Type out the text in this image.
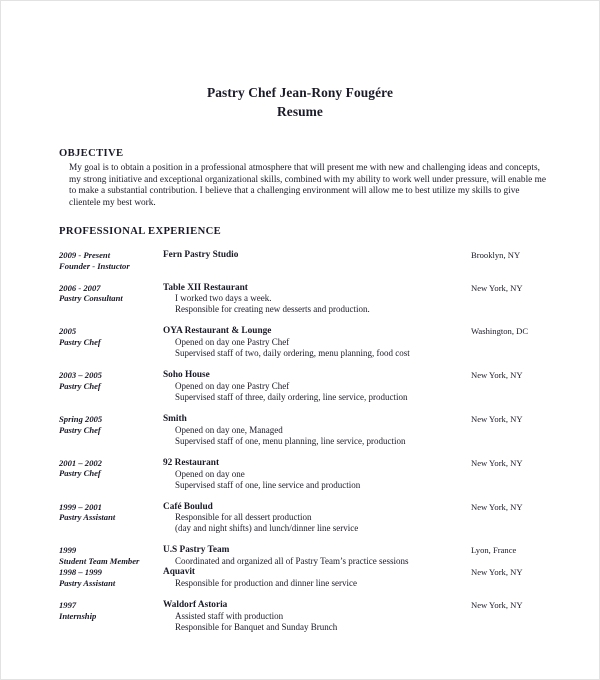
Pastry Chef Jean-Rony Fougére
Resume
OBJECTIVE

My goal is to obtain a position in a professional atmosphere that will present me with new and challenging ideas and concepts, my strong initiative and exceptional organizational skills, combined with my ability to work well under pressure, will enable me to make a substantial contribution. I believe that a challenging environment will allow me to best utilize my skills to give clientele my best work.

PROFESSIONAL EXPERIENCE
2009 - Present
Founder - Instuctor
Fern Pastry Studio	Brooklyn, NY
2006 - 2007
Pastry Consultant
Table XII Restaurant
I worked two days a week.
Responsible for creating new desserts and production.
New York, NY
2005
Pastry Chef
OYA Restaurant & Lounge
Opened on day one Pastry Chef
Supervised staff of two, daily ordering, menu planning, food cost
Washington, DC
2003 – 2005
Pastry Chef
Soho House
Opened on day one Pastry Chef
Supervised staff of three, daily ordering, line service, production
New York, NY
Spring 2005
Pastry Chef
Smith
Opened on day one, Managed
Supervised staff of one, menu planning, line service, production
New York, NY
2001 – 2002
Pastry Chef
92 Restaurant
Opened on day one
Supervised staff of one, line service and production
New York, NY
1999 – 2001
Pastry Assistant
Café Boulud
Responsible for all dessert production
(day and night shifts) and lunch/dinner line service
New York, NY
1999
Student Team Member
U.S Pastry Team
Coordinated and organized all of Pastry Team’s practice sessions
Lyon, France
1998 – 1999
Pastry Assistant
Aquavit
Responsible for production and dinner line service
New York, NY
1997
Internship
Waldorf Astoria
Assisted staff with production
Responsible for Banquet and Sunday Brunch
New York, NY
